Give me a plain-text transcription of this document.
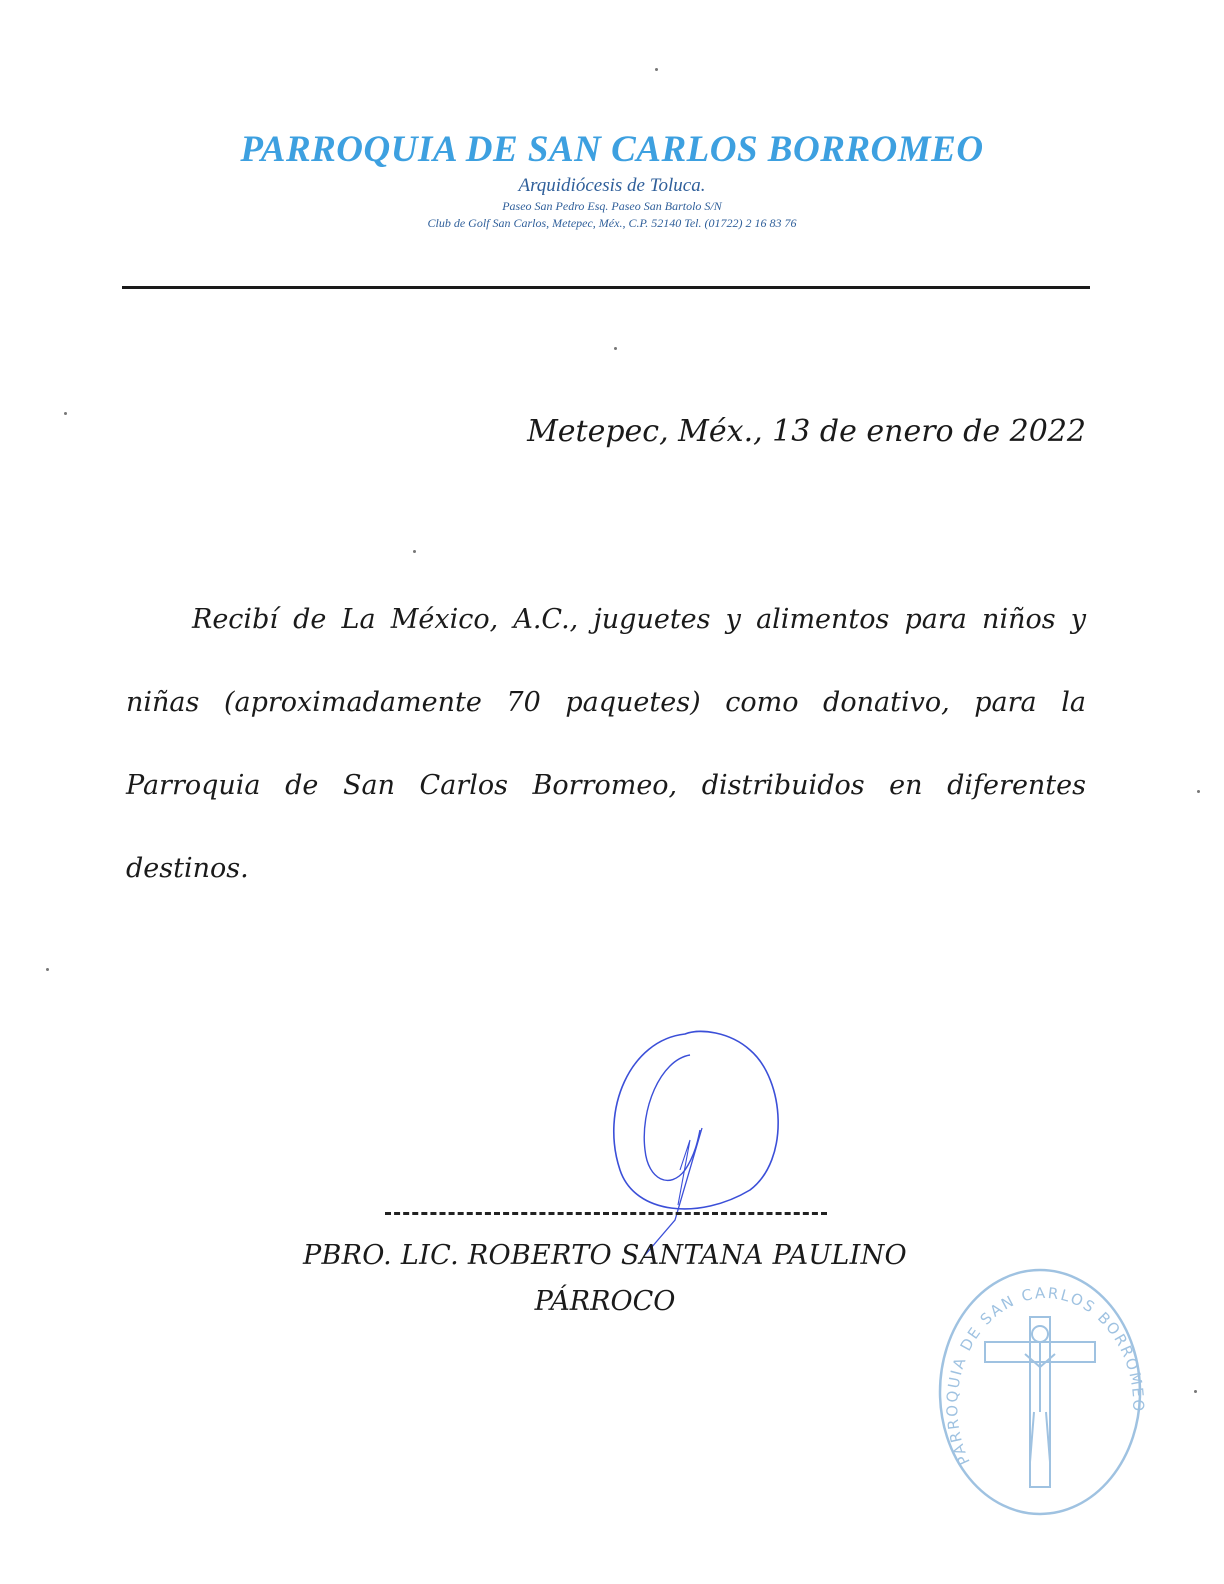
PARROQUIA DE SAN CARLOS BORROMEO
Arquidiócesis de Toluca.
Paseo San Pedro Esq. Paseo San Bartolo S/N
Club de Golf San Carlos, Metepec, Méx., C.P. 52140 Tel. (01722) 2 16 83 76
Metepec, Méx., 13 de enero de 2022
Recibí de La México, A.C., juguetes y alimentos para niños y niñas (aproximadamente 70 paquetes) como donativo, para la Parroquia de San Carlos Borromeo, distribuidos en diferentes destinos.
PBRO. LIC. ROBERTO SANTANA PAULINO
PÁRROCO
PARROQUIA DE SAN CARLOS BORROMEO
